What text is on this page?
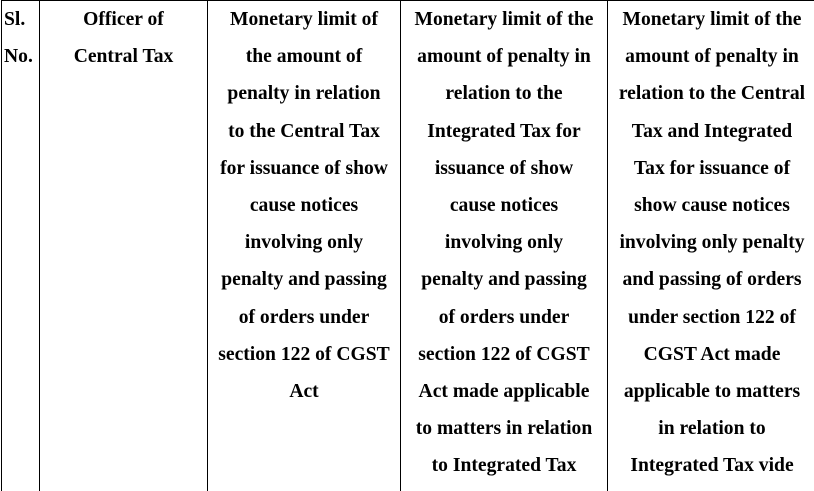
Sl.
No.

Officer of
Central Tax

Monetary limit of
the amount of
penalty in relation
to the Central Tax
for issuance of show
cause notices
involving only
penalty and passing
of orders under
section 122 of CGST
Act

Monetary limit of the
amount of penalty in
relation to the
Integrated Tax for
issuance of show
cause notices
involving only
penalty and passing
of orders under
section 122 of CGST
Act made applicable
to matters in relation
to Integrated Tax

Monetary limit of the
amount of penalty in
relation to the Central
Tax and Integrated
Tax for issuance of
show cause notices
involving only penalty
and passing of orders
under section 122 of
CGST Act made
applicable to matters
in relation to
Integrated Tax vide
